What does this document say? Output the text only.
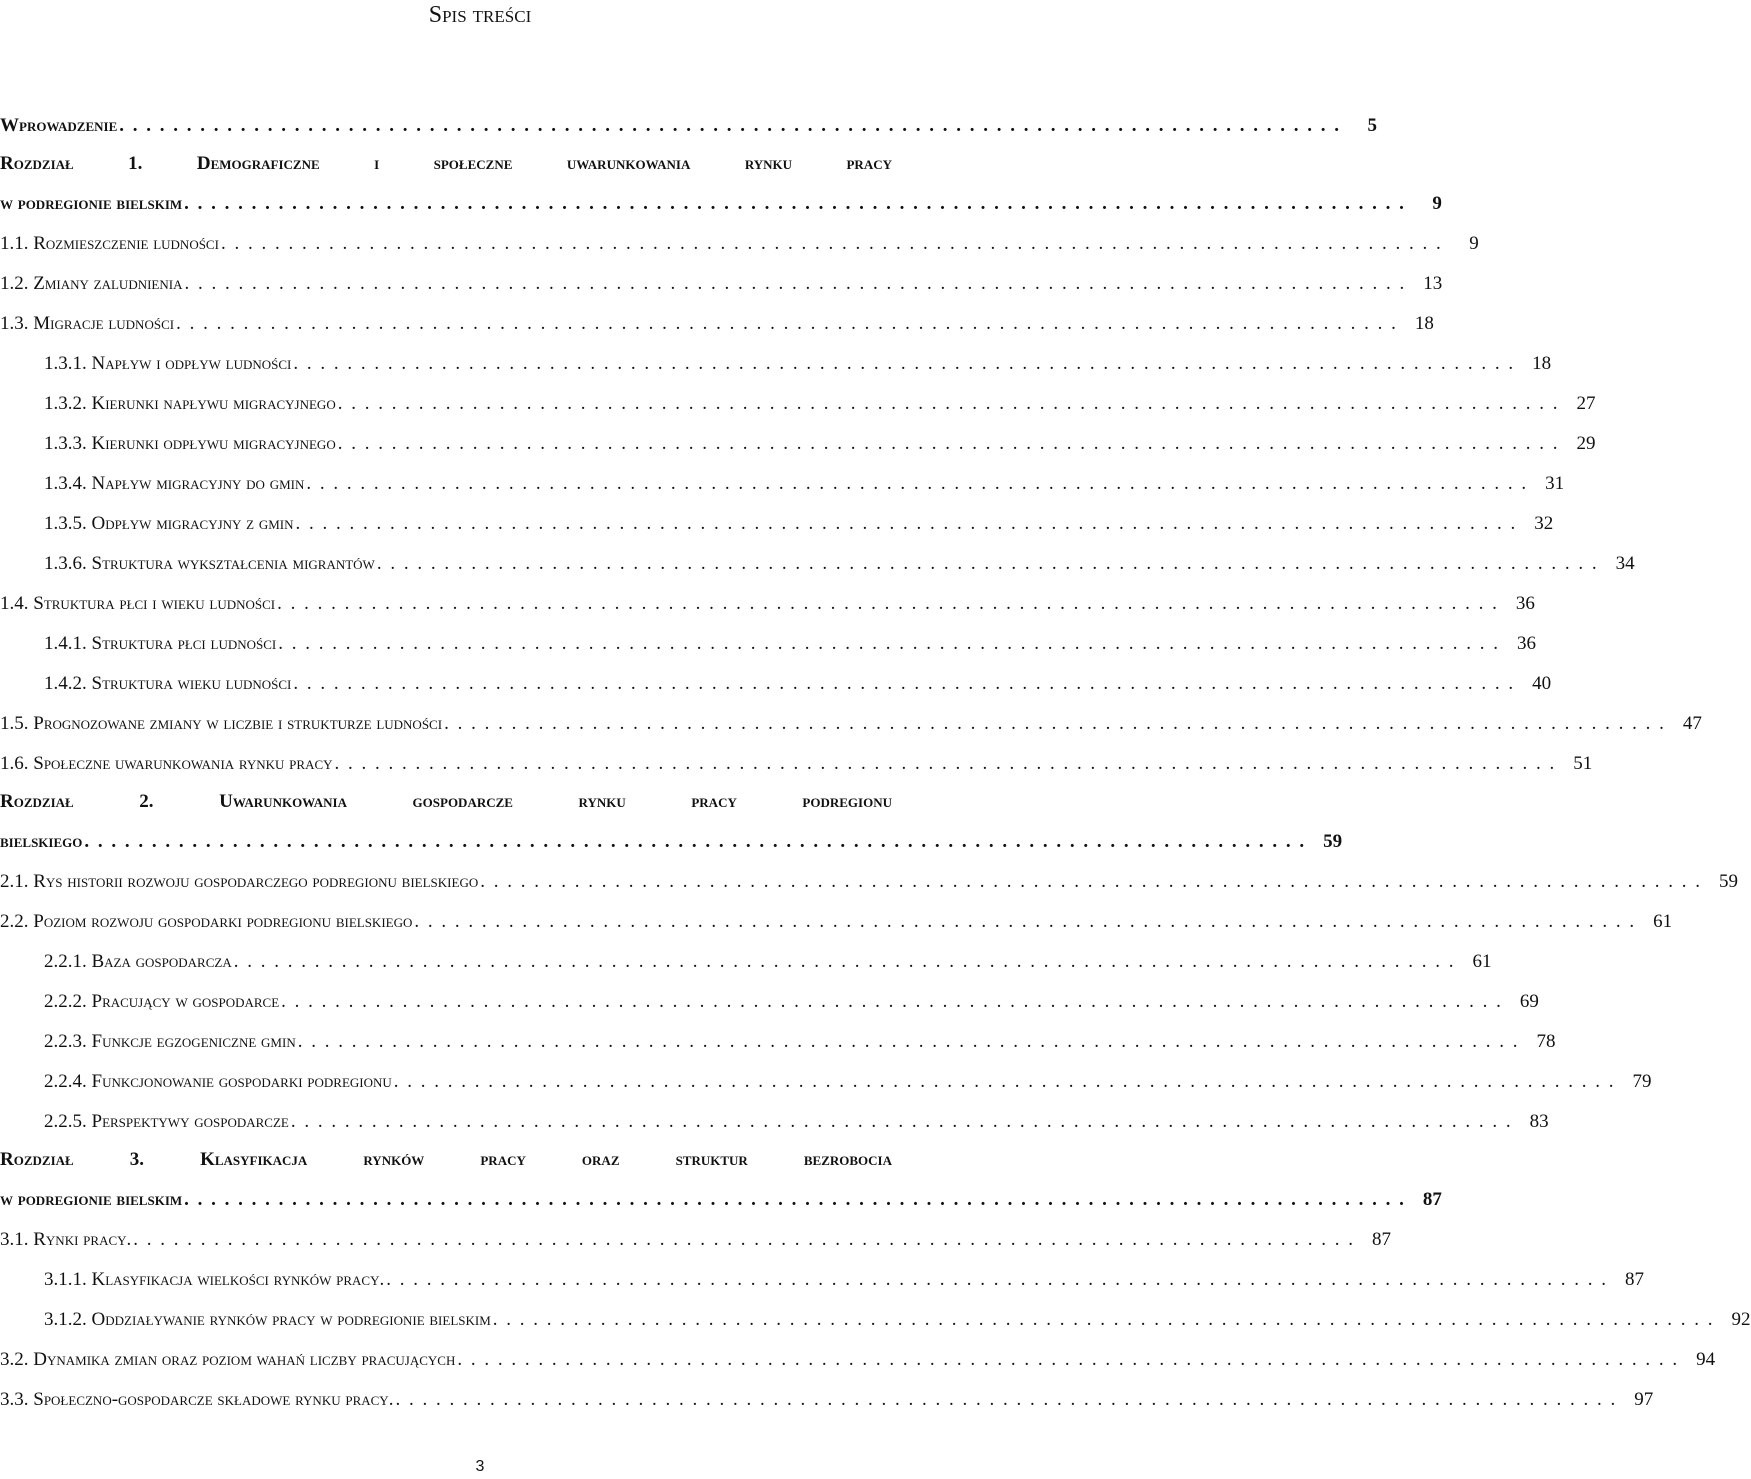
Spis treści
Wprowadzenie . . .	5
Rozdział 1. Demograficzne i społeczne uwarunkowania rynku pracy
w podregionie bielskim . . .	9
1.1. Rozmieszczenie ludności . . .	9
1.2. Zmiany zaludnienia . . .	13
1.3. Migracje ludności . . .	18
1.3.1. Napływ i odpływ ludności . . .	18
1.3.2. Kierunki napływu migracyjnego . . .	27
1.3.3. Kierunki odpływu migracyjnego . . .	29
1.3.4. Napływ migracyjny do gmin . . .	31
1.3.5. Odpływ migracyjny z gmin . . .	32
1.3.6. Struktura wykształcenia migrantów . . .	34
1.4. Struktura płci i wieku ludności . . .	36
1.4.1. Struktura płci ludności . . .	36
1.4.2. Struktura wieku ludności . . .	40
1.5. Prognozowane zmiany w liczbie i strukturze ludności . . .	47
1.6. Społeczne uwarunkowania rynku pracy . . .	51
Rozdział 2. Uwarunkowania gospodarcze rynku pracy podregionu
bielskiego . . .	59
2.1. Rys historii rozwoju gospodarczego podregionu bielskiego . . .	59
2.2. Poziom rozwoju gospodarki podregionu bielskiego . . .	61
2.2.1. Baza gospodarcza . . .	61
2.2.2. Pracujący w gospodarce . . .	69
2.2.3. Funkcje egzogeniczne gmin . . .	78
2.2.4. Funkcjonowanie gospodarki podregionu . . .	79
2.2.5. Perspektywy gospodarcze . . .	83
Rozdział 3. Klasyfikacja rynków pracy oraz struktur bezrobocia
w podregionie bielskim . . .	87
3.1. Rynki pracy. . . .	87
3.1.1. Klasyfikacja wielkości rynków pracy. . . .	87
3.1.2. Oddziaływanie rynków pracy w podregionie bielskim . . .	92
3.2. Dynamika zmian oraz poziom wahań liczby pracujących . . .	94
3.3. Społeczno-gospodarcze składowe rynku pracy. . . .	97
3
